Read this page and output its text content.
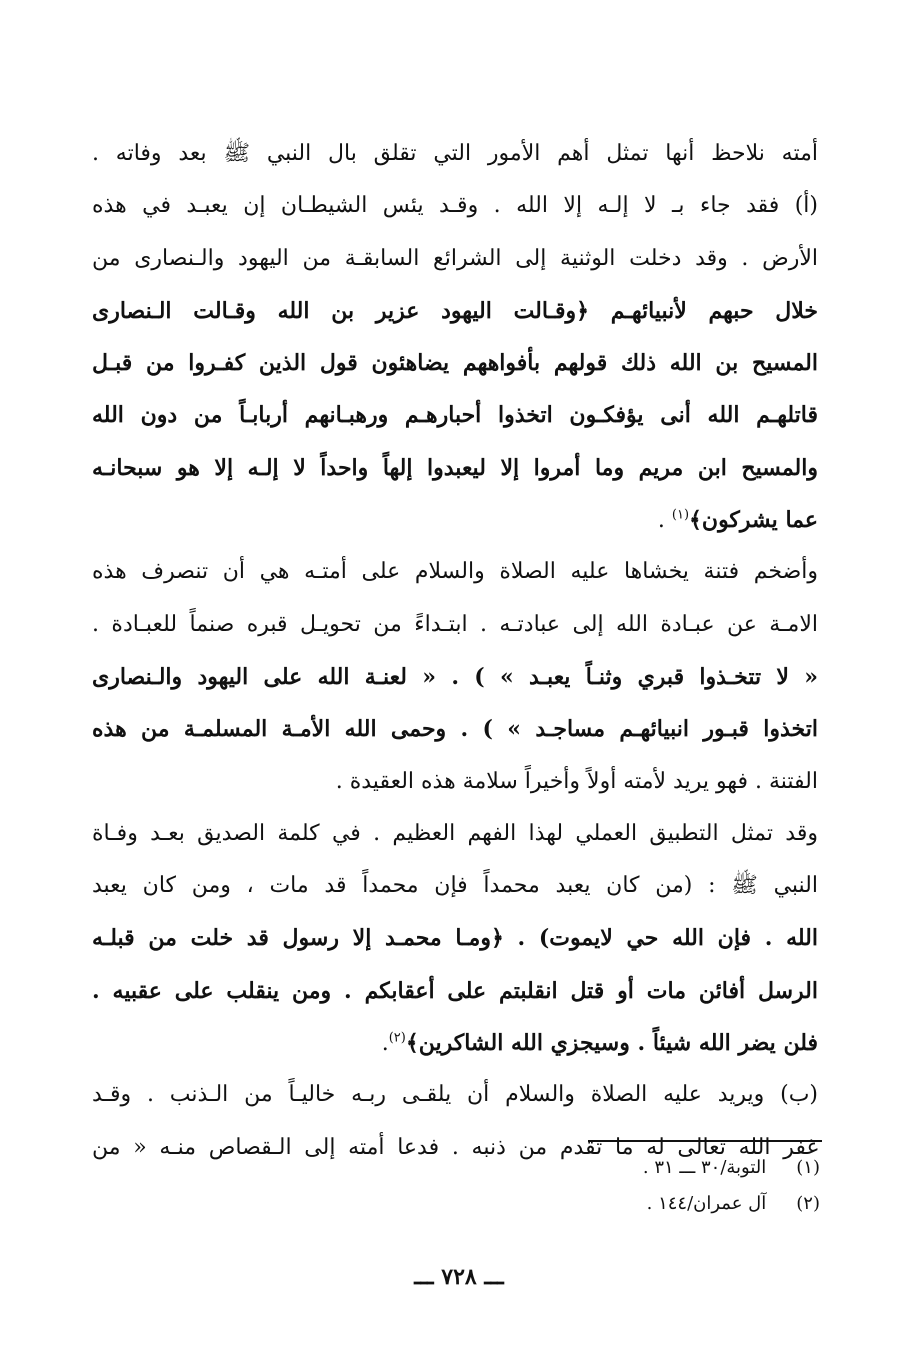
أمته نلاحظ أنها تمثل أهم الأمور التي تقلق بال النبي ﷺ بعد وفاته .
(أ) فقد جاء بـ لا إلـه إلا الله . وقـد يئس الشيطـان إن يعبـد في هذه
الأرض . وقد دخلت الوثنية إلى الشرائع السابقـة من اليهود والـنصارى من
خلال حبهم لأنبيائهـم ﴿وقـالت اليهود عزير بن الله وقـالت الـنصارى
المسيح بن الله ذلك قولهم بأفواههم يضاهئون قول الذين كفـروا من قبـل
قاتلهـم الله أنى يؤفكـون اتخذوا أحبارهـم ورهبـانهم أربابـاً من دون الله
والمسيح ابن مريم وما أمروا إلا ليعبدوا إلهاً واحداً لا إلـه إلا هو سبحانـه
عما يشركون﴾$^{(١)}$ .
وأضخم فتنة يخشاها عليه الصلاة والسلام على أمتـه هي أن تنصرف هذه
الامـة عن عبـادة الله إلى عبادتـه . ابتـداءً من تحويـل قبره صنماً للعبـادة .
« لا تتخـذوا قبري وثنـاً يعبـد » ) . « لعنـة الله على اليهود والـنصارى
اتخذوا قبـور انبيائهـم مساجـد » ) . وحمى الله الأمـة المسلمـة من هذه
الفتنة . فهو يريد لأمته أولاً وأخيراً سلامة هذه العقيدة .
وقد تمثل التطبيق العملي لهذا الفهم العظيم . في كلمة الصديق بعـد وفـاة
النبي ﷺ : (من كان يعبد محمداً فإن محمداً قد مات ، ومن كان يعبد
الله . فإن الله حي لايموت) . ﴿ومـا محمـد إلا رسول قد خلت من قبلـه
الرسل أفائن مات أو قتل انقلبتم على أعقابكم . ومن ينقلب على عقبيه .
فلن يضر الله شيئاً . وسيجزي الله الشاكرين﴾$^{(٢)}$.
(ب) ويريد عليه الصلاة والسلام أن يلقـى ربـه خاليـاً من الـذنب . وقـد
غفر الله تعالى له ما تقدم من ذنبه . فدعا أمته إلى الـقصاص منـه « من
(١) التوبة/٣٠ ـــ ٣١ .
(٢) آل عمران/١٤٤ .
ـــ ٧٢٨ ـــ
